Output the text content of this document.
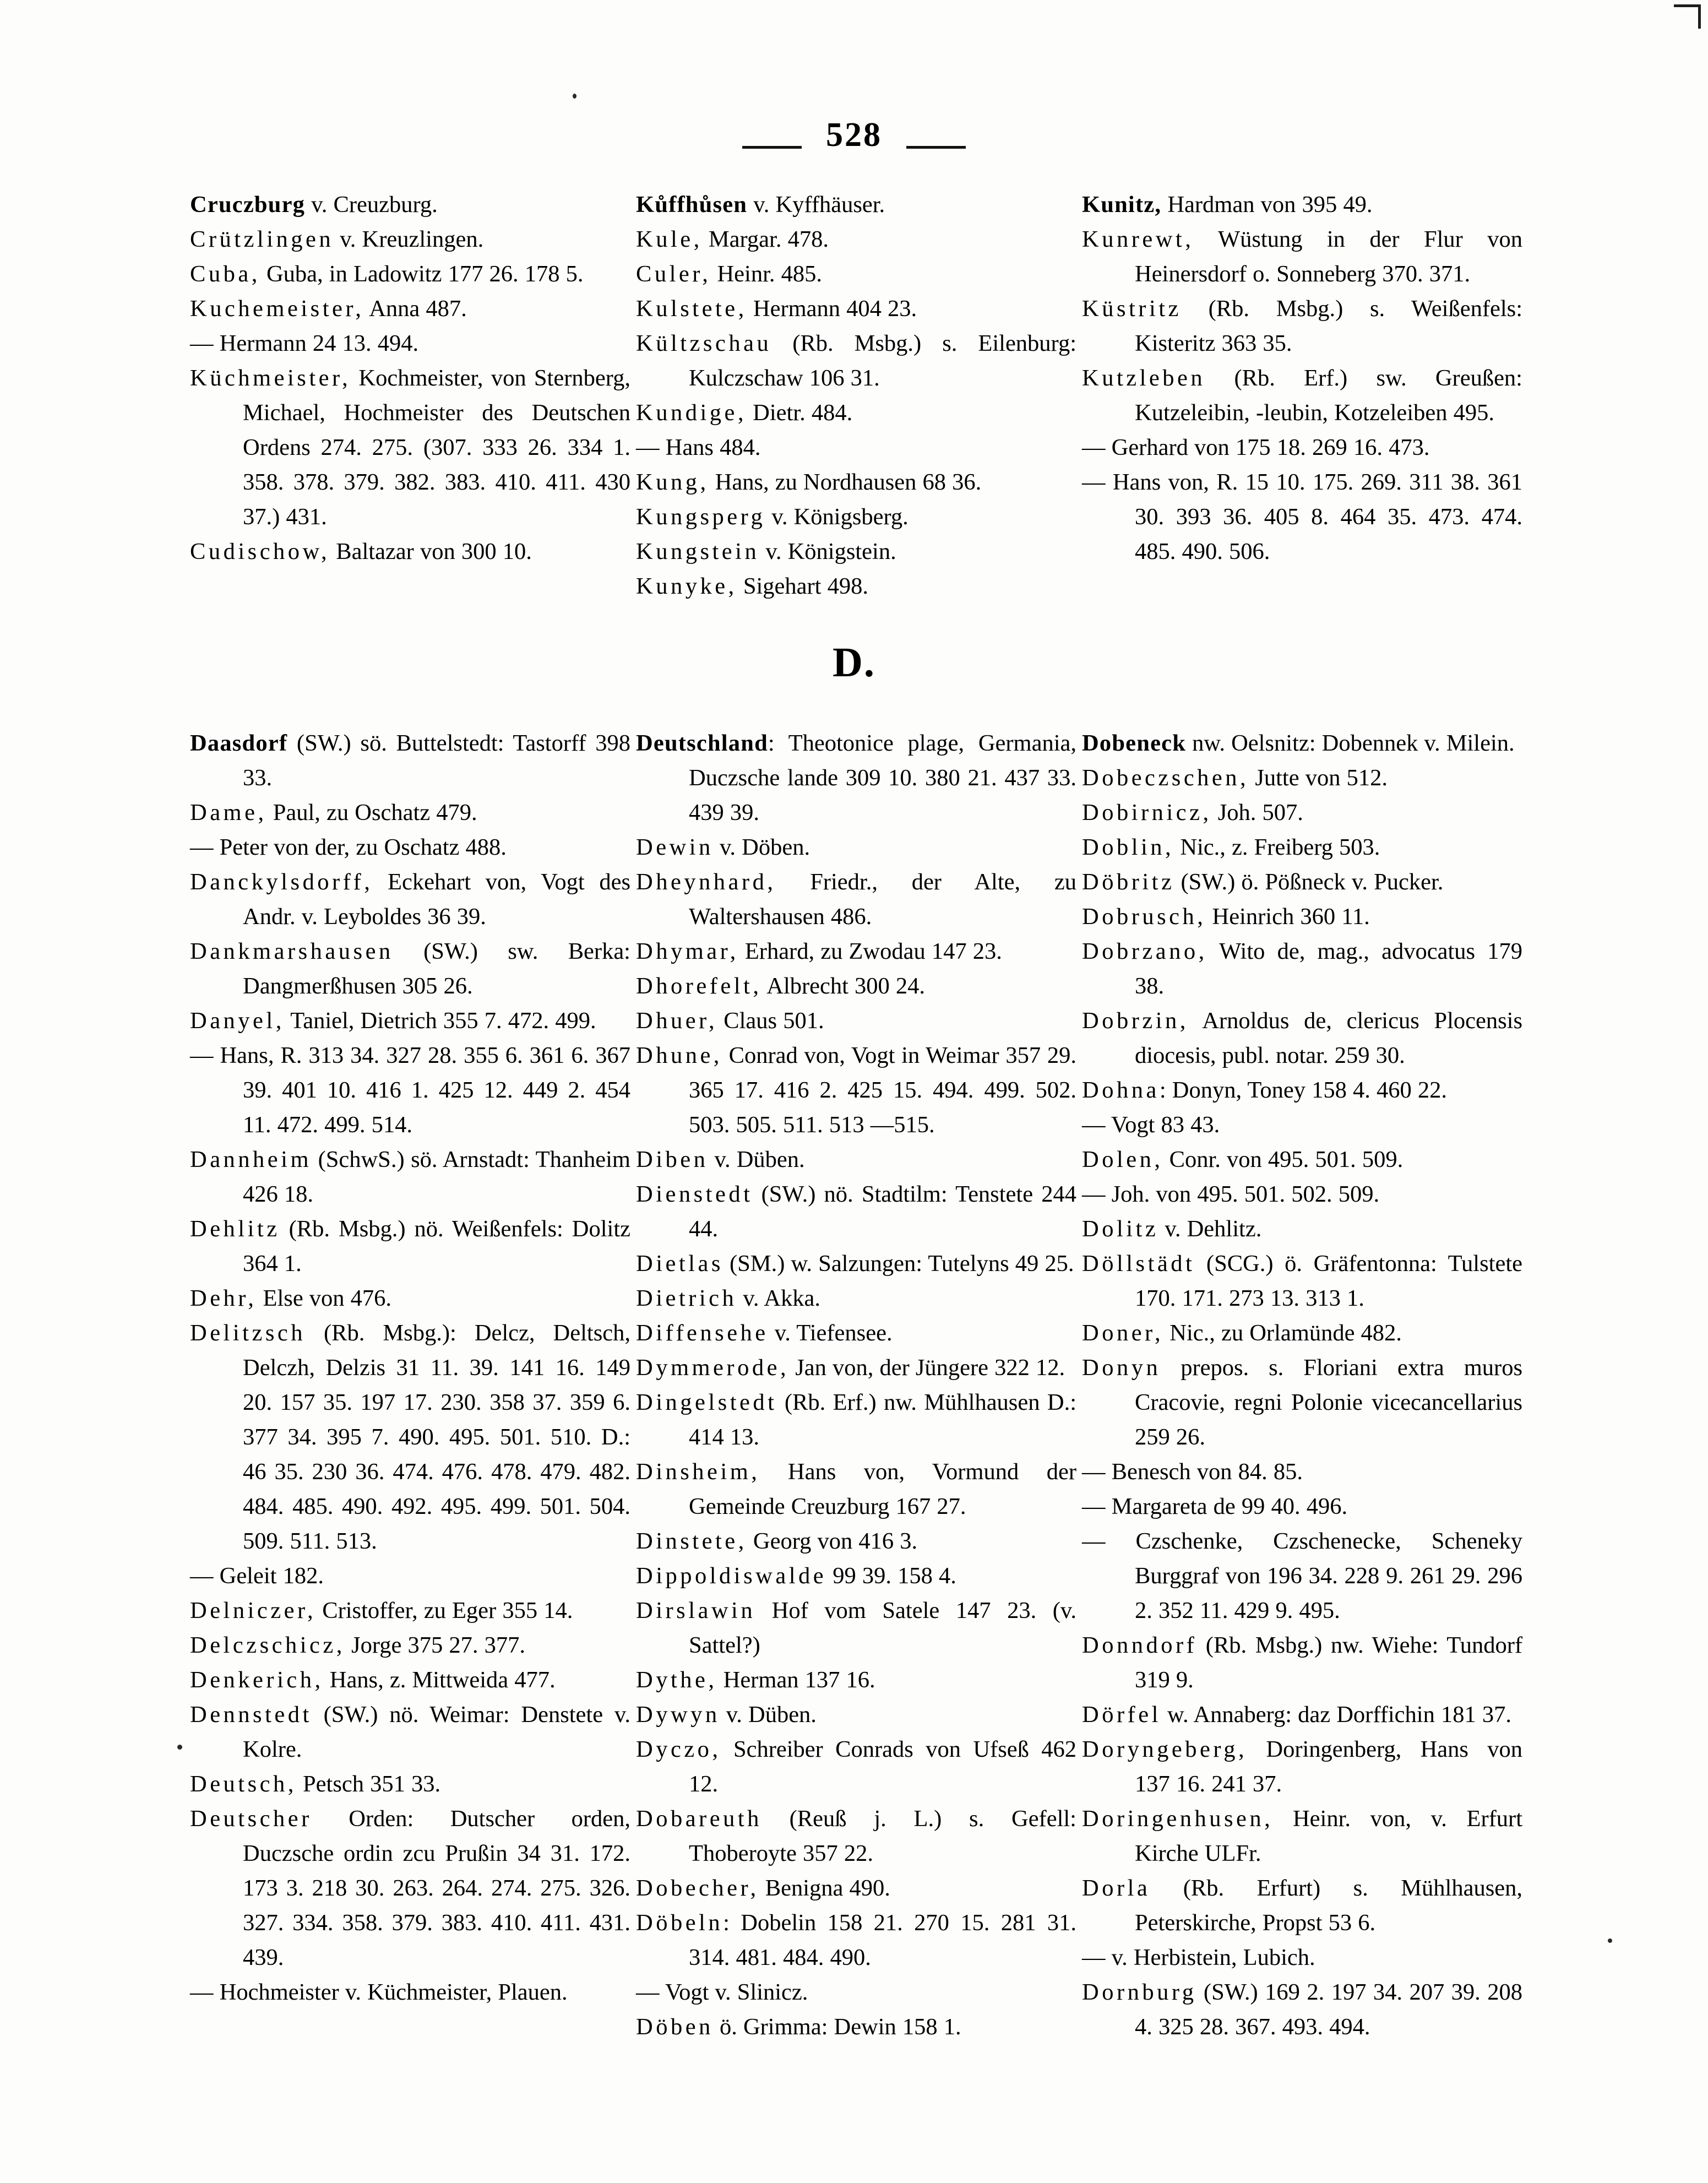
528

Cruczburg v. Creuzburg.

Crützlingen v. Kreuzlingen.

Cuba, Guba, in Ladowitz 177 26. 178 5.

Kuchemeister, Anna 487.

— Hermann 24 13. 494.

Küchmeister, Kochmeister, von Sternberg, Michael, Hochmeister des Deutschen Ordens 274. 275. (307. 333 26. 334 1. 358. 378. 379. 382. 383. 410. 411. 430 37.) 431.

Cudischow, Baltazar von 300 10.

Kůffhůsen v. Kyffhäuser.

Kule, Margar. 478.

Culer, Heinr. 485.

Kulstete, Hermann 404 23.

Kültzschau (Rb. Msbg.) s. Eilenburg: Kulczschaw 106 31.

Kundige, Dietr. 484.

— Hans 484.

Kung, Hans, zu Nordhausen 68 36.

Kungsperg v. Königsberg.

Kungstein v. Königstein.

Kunyke, Sigehart 498.

Kunitz, Hardman von 395 49.

Kunrewt, Wüstung in der Flur von Heinersdorf o. Sonneberg 370. 371.

Küstritz (Rb. Msbg.) s. Weißenfels: Kisteritz 363 35.

Kutzleben (Rb. Erf.) sw. Greußen: Kutzeleibin, -leubin, Kotzeleiben 495.

— Gerhard von 175 18. 269 16. 473.

— Hans von, R. 15 10. 175. 269. 311 38. 361 30. 393 36. 405 8. 464 35. 473. 474. 485. 490. 506.

D.

Daasdorf (SW.) sö. Buttelstedt: Tastorff 398 33.

Dame, Paul, zu Oschatz 479.

— Peter von der, zu Oschatz 488.

Danckylsdorff, Eckehart von, Vogt des Andr. v. Leyboldes 36 39.

Dankmarshausen (SW.) sw. Berka: Dangmerßhusen 305 26.

Danyel, Taniel, Dietrich 355 7. 472. 499.

— Hans, R. 313 34. 327 28. 355 6. 361 6. 367 39. 401 10. 416 1. 425 12. 449 2. 454 11. 472. 499. 514.

Dannheim (SchwS.) sö. Arnstadt: Thanheim 426 18.

Dehlitz (Rb. Msbg.) nö. Weißenfels: Dolitz 364 1.

Dehr, Else von 476.

Delitzsch (Rb. Msbg.): Delcz, Deltsch, Delczh, Delzis 31 11. 39. 141 16. 149 20. 157 35. 197 17. 230. 358 37. 359 6. 377 34. 395 7. 490. 495. 501. 510. D.: 46 35. 230 36. 474. 476. 478. 479. 482. 484. 485. 490. 492. 495. 499. 501. 504. 509. 511. 513.

— Geleit 182.

Delniczer, Cristoffer, zu Eger 355 14.

Delczschicz, Jorge 375 27. 377.

Denkerich, Hans, z. Mittweida 477.

Dennstedt (SW.) nö. Weimar: Denstete v. Kolre.

Deutsch, Petsch 351 33.

Deutscher Orden: Dutscher orden, Duczsche ordin zcu Prußin 34 31. 172. 173 3. 218 30. 263. 264. 274. 275. 326. 327. 334. 358. 379. 383. 410. 411. 431. 439.

— Hochmeister v. Küchmeister, Plauen.

Deutschland: Theotonice plage, Germania, Duczsche lande 309 10. 380 21. 437 33. 439 39.

Dewin v. Döben.

Dheynhard, Friedr., der Alte, zu Waltershausen 486.

Dhymar, Erhard, zu Zwodau 147 23.

Dhorefelt, Albrecht 300 24.

Dhuer, Claus 501.

Dhune, Conrad von, Vogt in Weimar 357 29. 365 17. 416 2. 425 15. 494. 499. 502. 503. 505. 511. 513 —515.

Diben v. Düben.

Dienstedt (SW.) nö. Stadtilm: Tenstete 244 44.

Dietlas (SM.) w. Salzungen: Tutelyns 49 25.

Dietrich v. Akka.

Diffensehe v. Tiefensee.

Dymmerode, Jan von, der Jüngere 322 12.

Dingelstedt (Rb. Erf.) nw. Mühlhausen D.: 414 13.

Dinsheim, Hans von, Vormund der Gemeinde Creuzburg 167 27.

Dinstete, Georg von 416 3.

Dippoldiswalde 99 39. 158 4.

Dirslawin Hof vom Satele 147 23. (v. Sattel?)

Dythe, Herman 137 16.

Dywyn v. Düben.

Dyczo, Schreiber Conrads von Ufseß 462 12.

Dobareuth (Reuß j. L.) s. Gefell: Thoberoyte 357 22.

Dobecher, Benigna 490.

Döbeln: Dobelin 158 21. 270 15. 281 31. 314. 481. 484. 490.

— Vogt v. Slinicz.

Döben ö. Grimma: Dewin 158 1.

Dobeneck nw. Oelsnitz: Dobennek v. Milein.

Dobeczschen, Jutte von 512.

Dobirnicz, Joh. 507.

Doblin, Nic., z. Freiberg 503.

Döbritz (SW.) ö. Pößneck v. Pucker.

Dobrusch, Heinrich 360 11.

Dobrzano, Wito de, mag., advocatus 179 38.

Dobrzin, Arnoldus de, clericus Plocensis diocesis, publ. notar. 259 30.

Dohna: Donyn, Toney 158 4. 460 22.

— Vogt 83 43.

Dolen, Conr. von 495. 501. 509.

— Joh. von 495. 501. 502. 509.

Dolitz v. Dehlitz.

Döllstädt (SCG.) ö. Gräfentonna: Tulstete 170. 171. 273 13. 313 1.

Doner, Nic., zu Orlamünde 482.

Donyn prepos. s. Floriani extra muros Cracovie, regni Polonie vicecancellarius 259 26.

— Benesch von 84. 85.

— Margareta de 99 40. 496.

— Czschenke, Czschenecke, Scheneky Burggraf von 196 34. 228 9. 261 29. 296 2. 352 11. 429 9. 495.

Donndorf (Rb. Msbg.) nw. Wiehe: Tundorf 319 9.

Dörfel w. Annaberg: daz Dorffichin 181 37.

Doryngeberg, Doringenberg, Hans von 137 16. 241 37.

Doringenhusen, Heinr. von, v. Erfurt Kirche ULFr.

Dorla (Rb. Erfurt) s. Mühlhausen, Peterskirche, Propst 53 6.

— v. Herbistein, Lubich.

Dornburg (SW.) 169 2. 197 34. 207 39. 208 4. 325 28. 367. 493. 494.
